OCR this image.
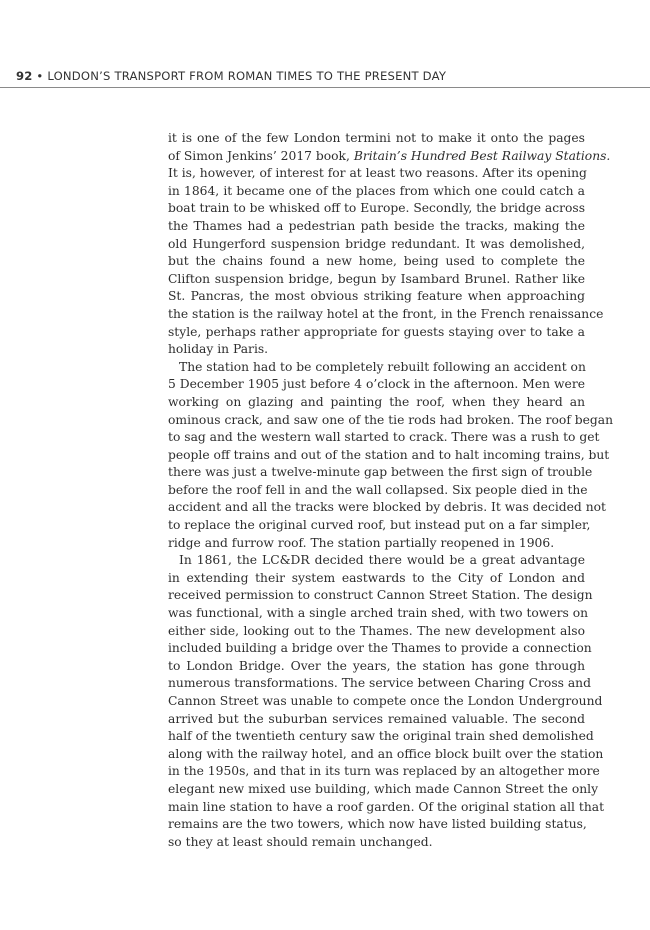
92 • LONDON’S TRANSPORT FROM ROMAN TIMES TO THE PRESENT DAY
it is one of the few London termini not to make it onto the pages
of Simon Jenkins’ 2017 book, Britain’s Hundred Best Railway Stations.
It is, however, of interest for at least two reasons. After its opening
in 1864, it became one of the places from which one could catch a
boat train to be whisked off to Europe. Secondly, the bridge across
the Thames had a pedestrian path beside the tracks, making the
old Hungerford suspension bridge redundant. It was demolished,
but the chains found a new home, being used to complete the
Clifton suspension bridge, begun by Isambard Brunel. Rather like
St. Pancras, the most obvious striking feature when approaching
the station is the railway hotel at the front, in the French renaissance
style, perhaps rather appropriate for guests staying over to take a
holiday in Paris.
The station had to be completely rebuilt following an accident on
5 December 1905 just before 4 o’clock in the afternoon. Men were
working on glazing and painting the roof, when they heard an
ominous crack, and saw one of the tie rods had broken. The roof began
to sag and the western wall started to crack. There was a rush to get
people off trains and out of the station and to halt incoming trains, but
there was just a twelve-minute gap between the first sign of trouble
before the roof fell in and the wall collapsed. Six people died in the
accident and all the tracks were blocked by debris. It was decided not
to replace the original curved roof, but instead put on a far simpler,
ridge and furrow roof. The station partially reopened in 1906.
In 1861, the LC&DR decided there would be a great advantage
in extending their system eastwards to the City of London and
received permission to construct Cannon Street Station. The design
was functional, with a single arched train shed, with two towers on
either side, looking out to the Thames. The new development also
included building a bridge over the Thames to provide a connection
to London Bridge. Over the years, the station has gone through
numerous transformations. The service between Charing Cross and
Cannon Street was unable to compete once the London Underground
arrived but the suburban services remained valuable. The second
half of the twentieth century saw the original train shed demolished
along with the railway hotel, and an office block built over the station
in the 1950s, and that in its turn was replaced by an altogether more
elegant new mixed use building, which made Cannon Street the only
main line station to have a roof garden. Of the original station all that
remains are the two towers, which now have listed building status,
so they at least should remain unchanged.
